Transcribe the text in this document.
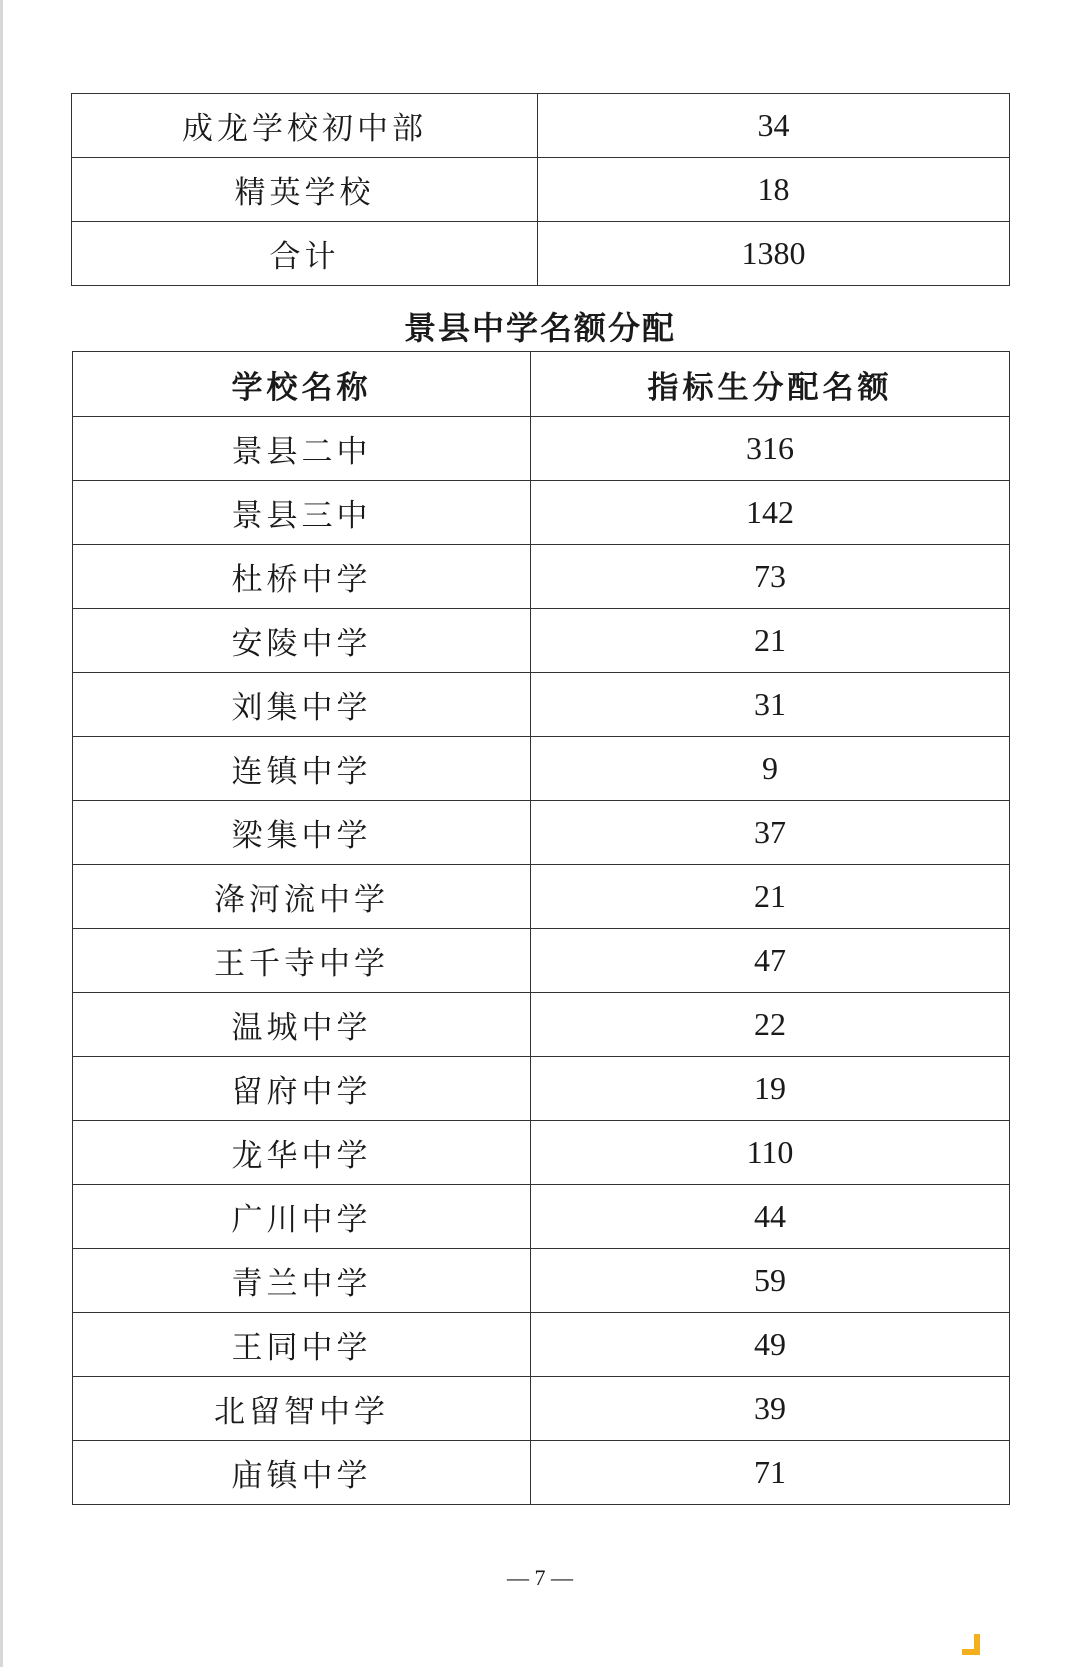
成龙学校初中部	34
精英学校	18
合计	1380
景县中学名额分配
学校名称	指标生分配名额
景县二中	316
景县三中	142
杜桥中学	73
安陵中学	21
刘集中学	31
连镇中学	9
梁集中学	37
洚河流中学	21
王千寺中学	47
温城中学	22
留府中学	19
龙华中学	110
广川中学	44
青兰中学	59
王同中学	49
北留智中学	39
庙镇中学	71
— 7 —
